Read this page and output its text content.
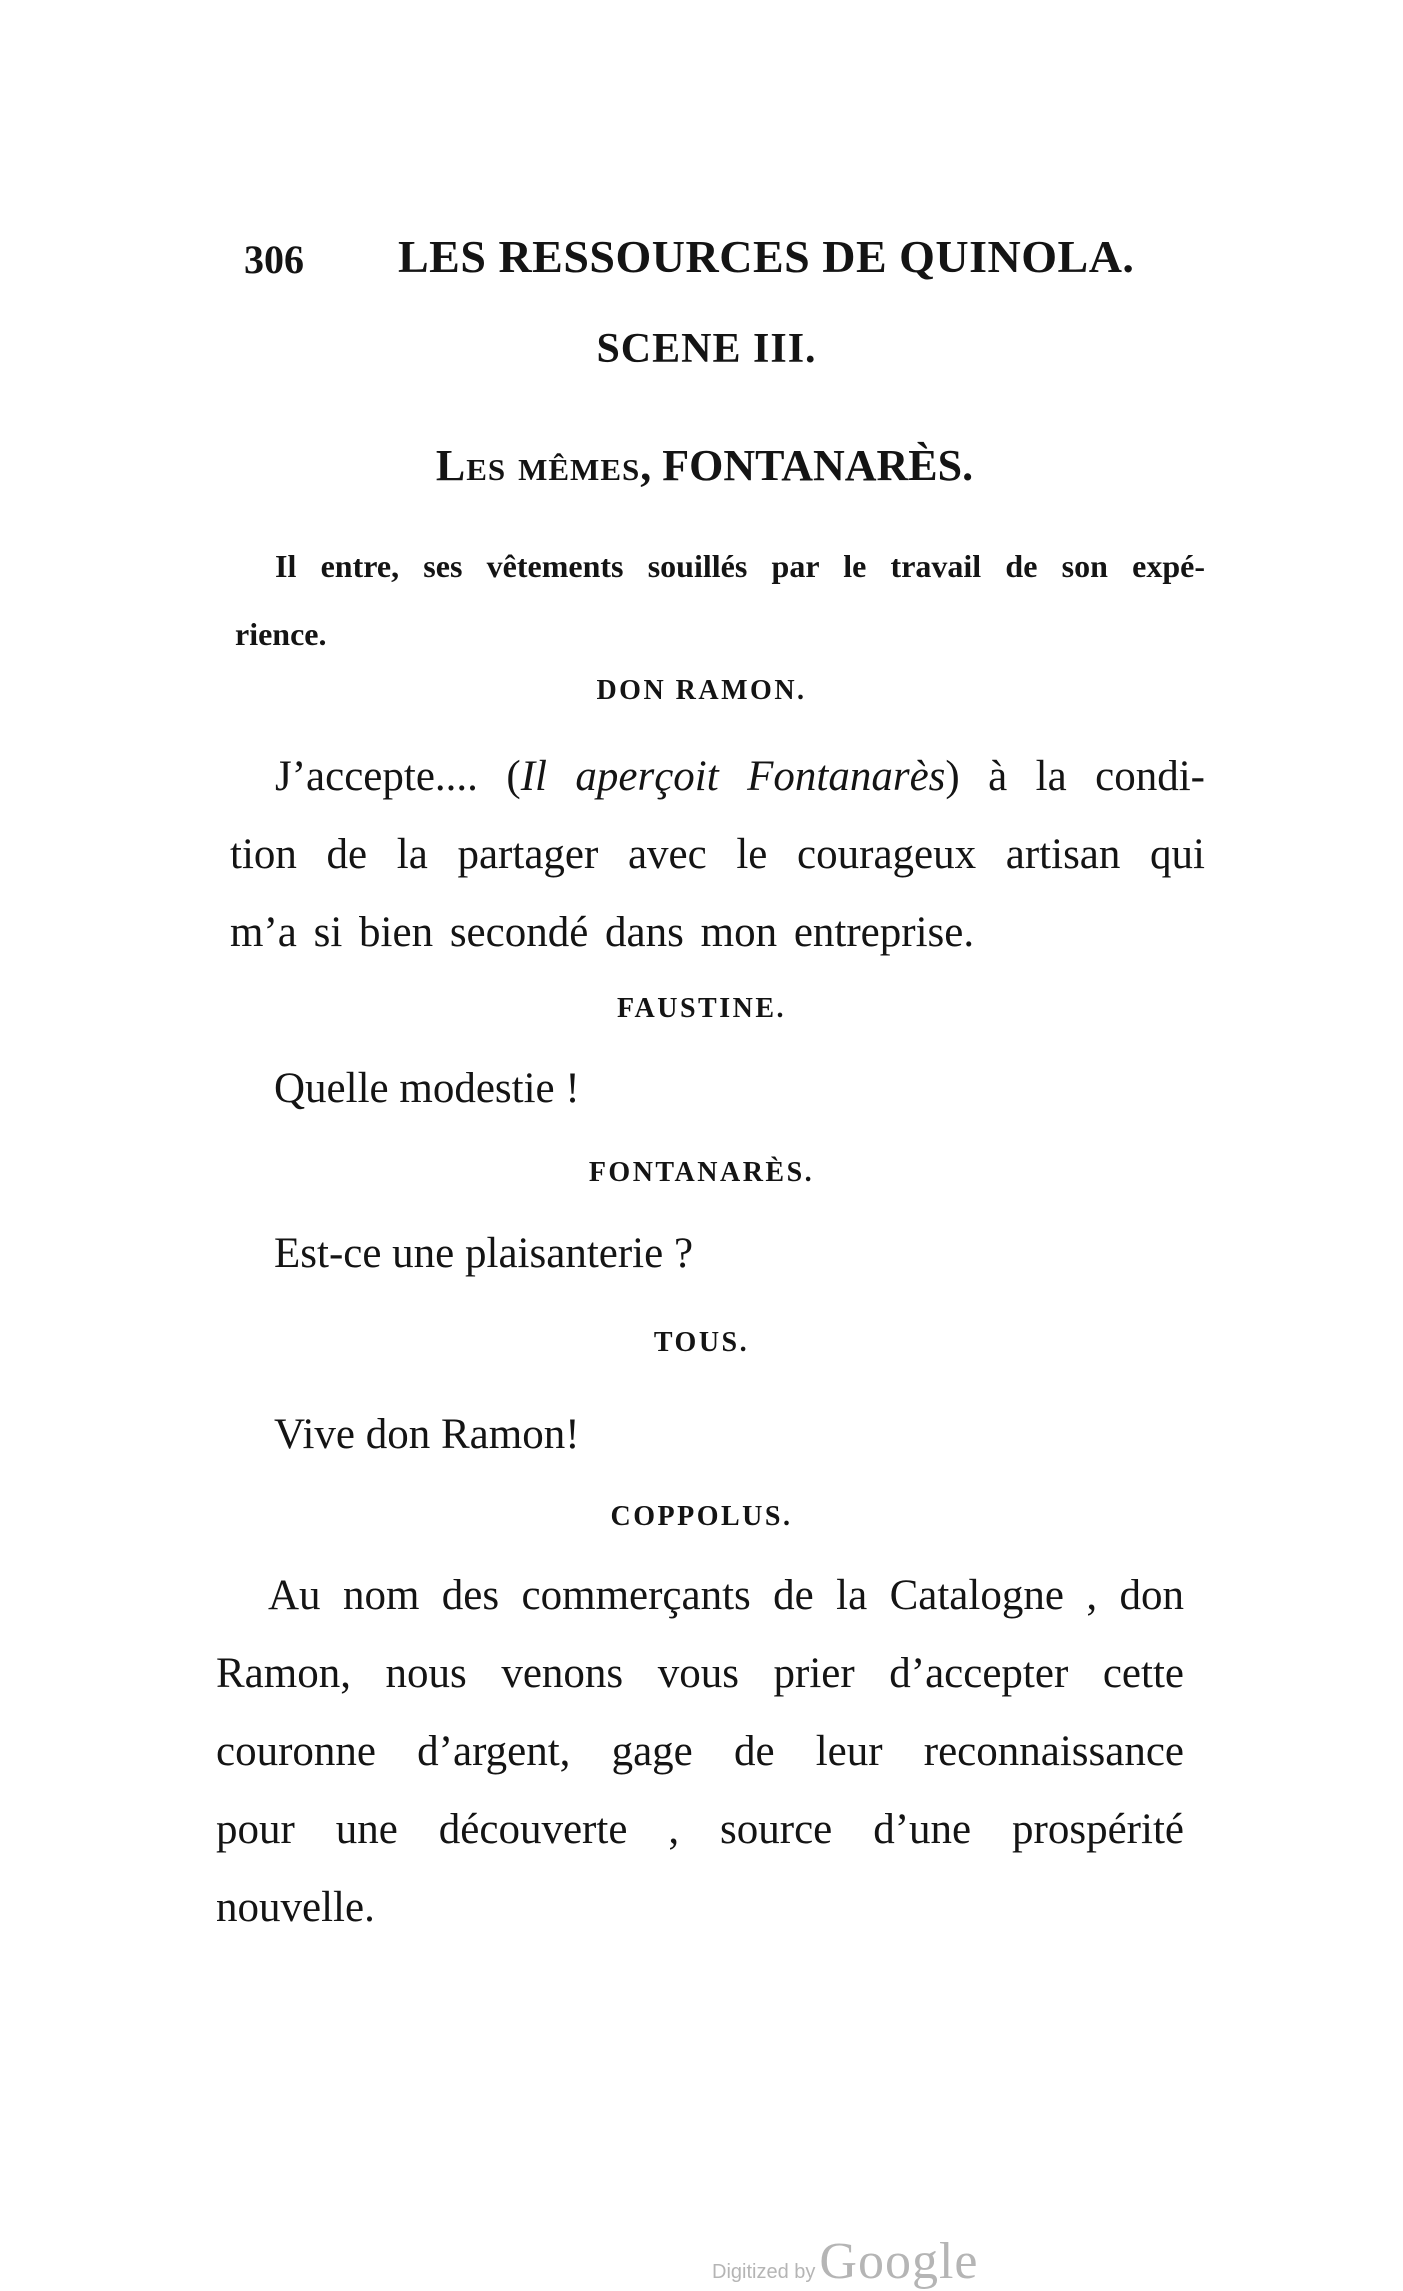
306 LES RESSOURCES DE QUINOLA.
SCENE III.
Les mêmes, FONTANARÈS.
Il entre, ses vêtements souillés par le travail de son expé-
rience.
DON RAMON.
J’accepte.... (Il aperçoit Fontanarès) à la condi-
tion de la partager avec le courageux artisan qui
m’a si bien secondé dans mon entreprise.
FAUSTINE.
Quelle modestie !
FONTANARÈS.
Est-ce une plaisanterie ?
TOUS.
Vive don Ramon!
COPPOLUS.
Au nom des commerçants de la Catalogne , don
Ramon, nous venons vous prier d’accepter cette
couronne d’argent, gage de leur reconnaissance
pour une découverte , source d’une prospérité
nouvelle.
Digitized by Google
